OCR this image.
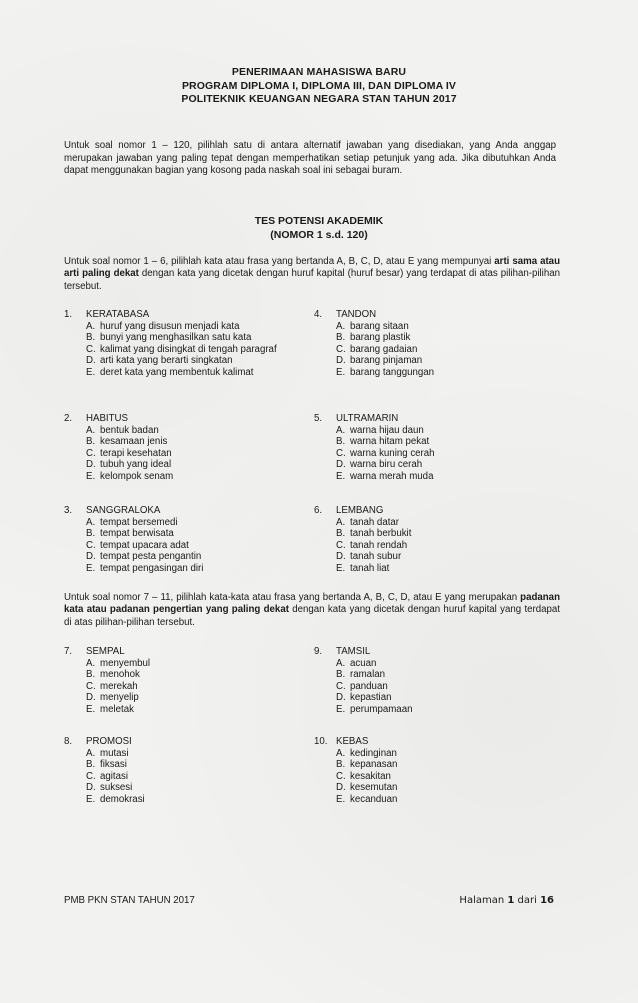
PENERIMAAN MAHASISWA BARU
PROGRAM DIPLOMA I, DIPLOMA III, DAN DIPLOMA IV
POLITEKNIK KEUANGAN NEGARA STAN TAHUN 2017
Untuk soal nomor 1 – 120, pilihlah satu di antara alternatif jawaban yang disediakan, yang Anda anggap merupakan jawaban yang paling tepat dengan memperhatikan setiap petunjuk yang ada. Jika dibutuhkan Anda dapat menggunakan bagian yang kosong pada naskah soal ini sebagai buram.
TES POTENSI AKADEMIK
(NOMOR 1 s.d. 120)
Untuk soal nomor 1 – 6, pilihlah kata atau frasa yang bertanda A, B, C, D, atau E yang mempunyai arti sama atau arti paling dekat dengan kata yang dicetak dengan huruf kapital (huruf besar) yang terdapat di atas pilihan-pilihan tersebut.
1.	KERATABASA
A. huruf yang disusun menjadi kata
B. bunyi yang menghasilkan satu kata
C. kalimat yang disingkat di tengah paragraf
D. arti kata yang berarti singkatan
E. deret kata yang membentuk kalimat
4.	TANDON
A. barang sitaan
B. barang plastik
C. barang gadaian
D. barang pinjaman
E. barang tanggungan
2.	HABITUS
A. bentuk badan
B. kesamaan jenis
C. terapi kesehatan
D. tubuh yang ideal
E. kelompok senam
5.	ULTRAMARIN
A. warna hijau daun
B. warna hitam pekat
C. warna kuning cerah
D. warna biru cerah
E. warna merah muda
3.	SANGGRALOKA
A. tempat bersemedi
B. tempat berwisata
C. tempat upacara adat
D. tempat pesta pengantin
E. tempat pengasingan diri
6.	LEMBANG
A. tanah datar
B. tanah berbukit
C. tanah rendah
D. tanah subur
E. tanah liat
Untuk soal nomor 7 – 11, pilihlah kata-kata atau frasa yang bertanda A, B, C, D, atau E yang merupakan padanan kata atau padanan pengertian yang paling dekat dengan kata yang dicetak dengan huruf kapital yang terdapat di atas pilihan-pilihan tersebut.
7.	SEMPAL
A. menyembul
B. menohok
C. merekah
D. menyelip
E. meletak
9.	TAMSIL
A. acuan
B. ramalan
C. panduan
D. kepastian
E. perumpamaan
8.	PROMOSI
A. mutasi
B. fiksasi
C. agitasi
D. suksesi
E. demokrasi
10. KEBAS
A. kedinginan
B. kepanasan
C. kesakitan
D. kesemutan
E. kecanduan
PMB PKN STAN TAHUN 2017	Halaman 1 dari 16
